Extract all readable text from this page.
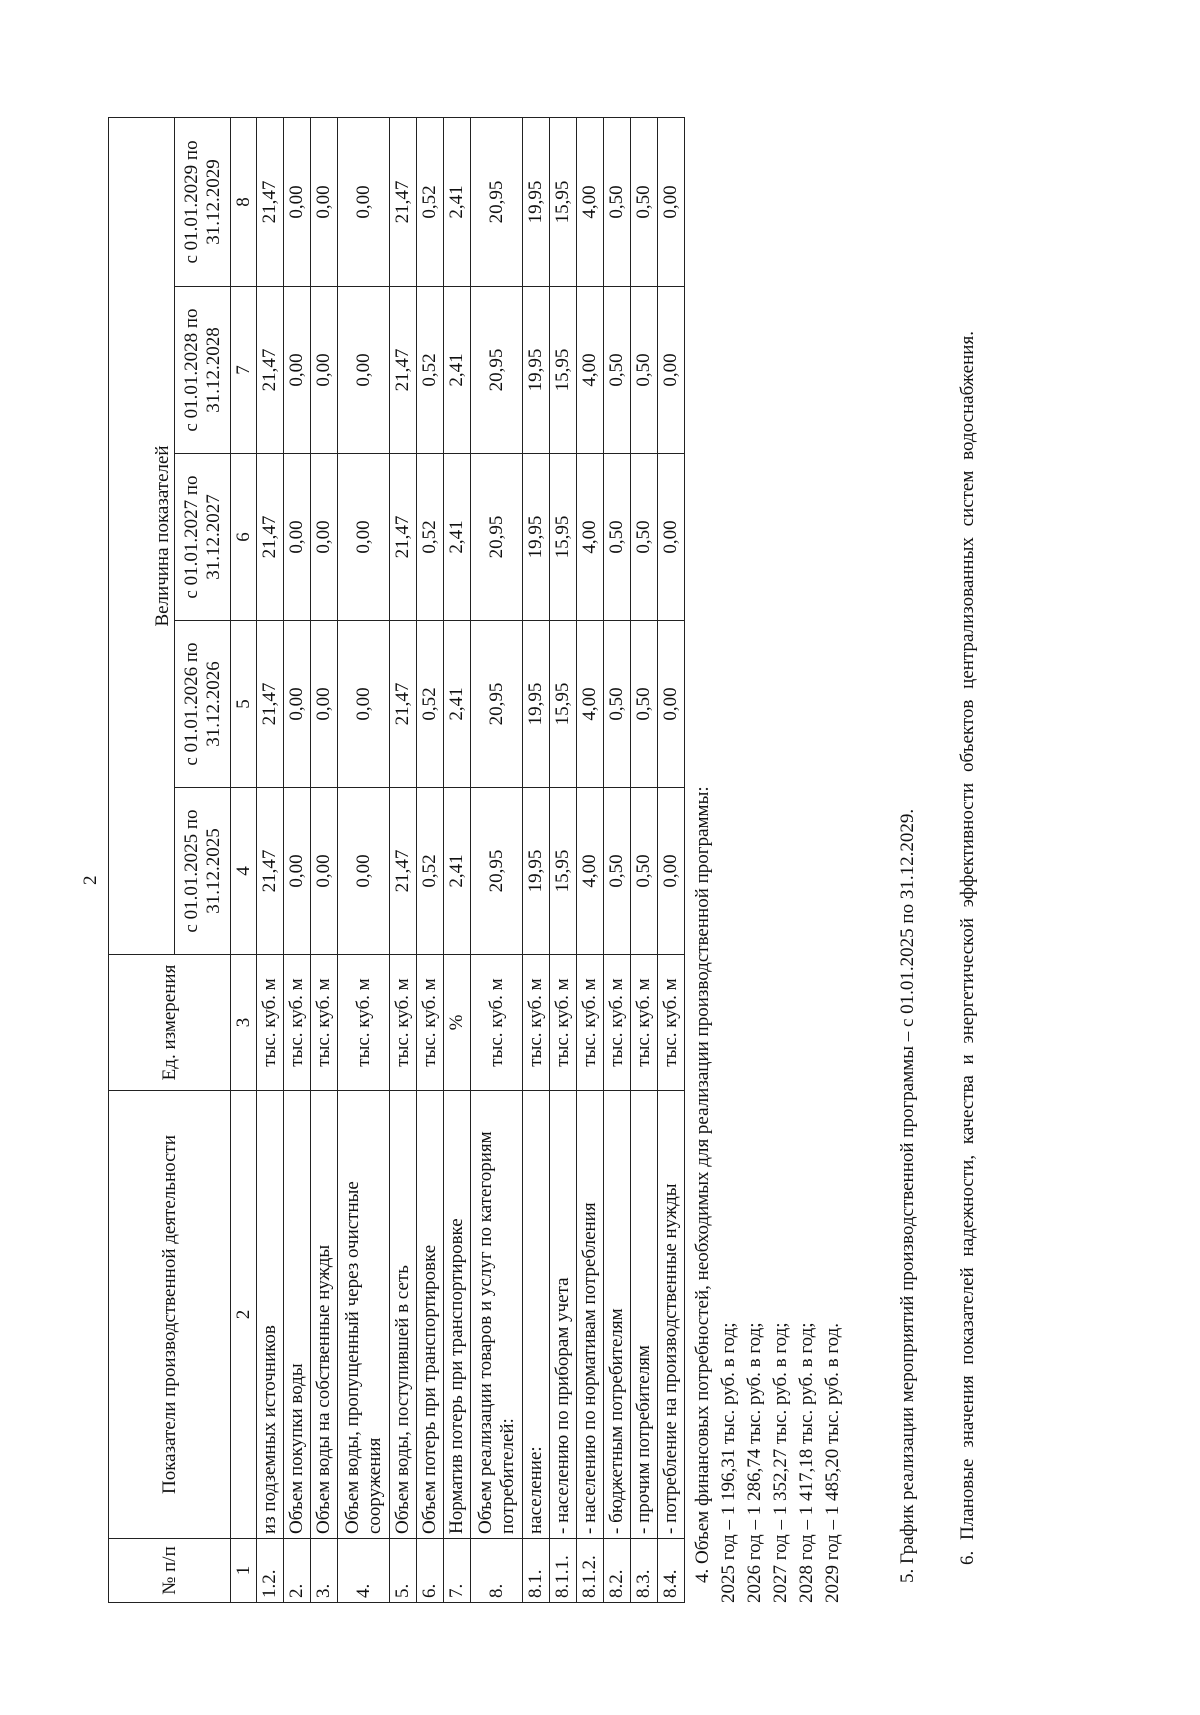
2
№ п/п	Показатели производственной деятельности	Ед. измерения	Величина показателей				
			с 01.01.2025 по 31.12.2025	с 01.01.2026 по 31.12.2026	с 01.01.2027 по 31.12.2027	с 01.01.2028 по 31.12.2028	с 01.01.2029 по 31.12.2029
1	2	3	4	5	6	7	8
1.2.	из подземных источников	тыс. куб. м	21,47	21,47	21,47	21,47	21,47
2.	Объем покупки воды	тыс. куб. м	0,00	0,00	0,00	0,00	0,00
3.	Объем воды на собственные нужды	тыс. куб. м	0,00	0,00	0,00	0,00	0,00
4.	Объем воды, пропущенный через очистные сооружения	тыс. куб. м	0,00	0,00	0,00	0,00	0,00
5.	Объем воды, поступившей в сеть	тыс. куб. м	21,47	21,47	21,47	21,47	21,47
6.	Объем потерь при транспортировке	тыс. куб. м	0,52	0,52	0,52	0,52	0,52
7.	Норматив потерь при транспортировке	%	2,41	2,41	2,41	2,41	2,41
8.	Объем реализации товаров и услуг по категориям потребителей:	тыс. куб. м	20,95	20,95	20,95	20,95	20,95
8.1.	население:	тыс. куб. м	19,95	19,95	19,95	19,95	19,95
8.1.1.	- населению по приборам учета	тыс. куб. м	15,95	15,95	15,95	15,95	15,95
8.1.2.	- населению по нормативам потребления	тыс. куб. м	4,00	4,00	4,00	4,00	4,00
8.2.	- бюджетным потребителям	тыс. куб. м	0,50	0,50	0,50	0,50	0,50
8.3.	- прочим потребителям	тыс. куб. м	0,50	0,50	0,50	0,50	0,50
8.4.	- потребление на производственные нужды	тыс. куб. м	0,00	0,00	0,00	0,00	0,00
4. Объем финансовых потребностей, необходимых для реализации производственной программы: 2025 год – 1 196,31 тыс. руб. в год; 2026 год – 1 286,74 тыс. руб. в год; 2027 год – 1 352,27 тыс. руб. в год; 2028 год – 1 417,18 тыс. руб. в год; 2029 год – 1 485,20 тыс. руб. в год.	5. График реализации мероприятий производственной программы – с 01.01.2025 по 31.12.2029. 6. Плановые значения показателей надежности, качества и энергетической эффективности объектов централизованных систем водоснабжения.
